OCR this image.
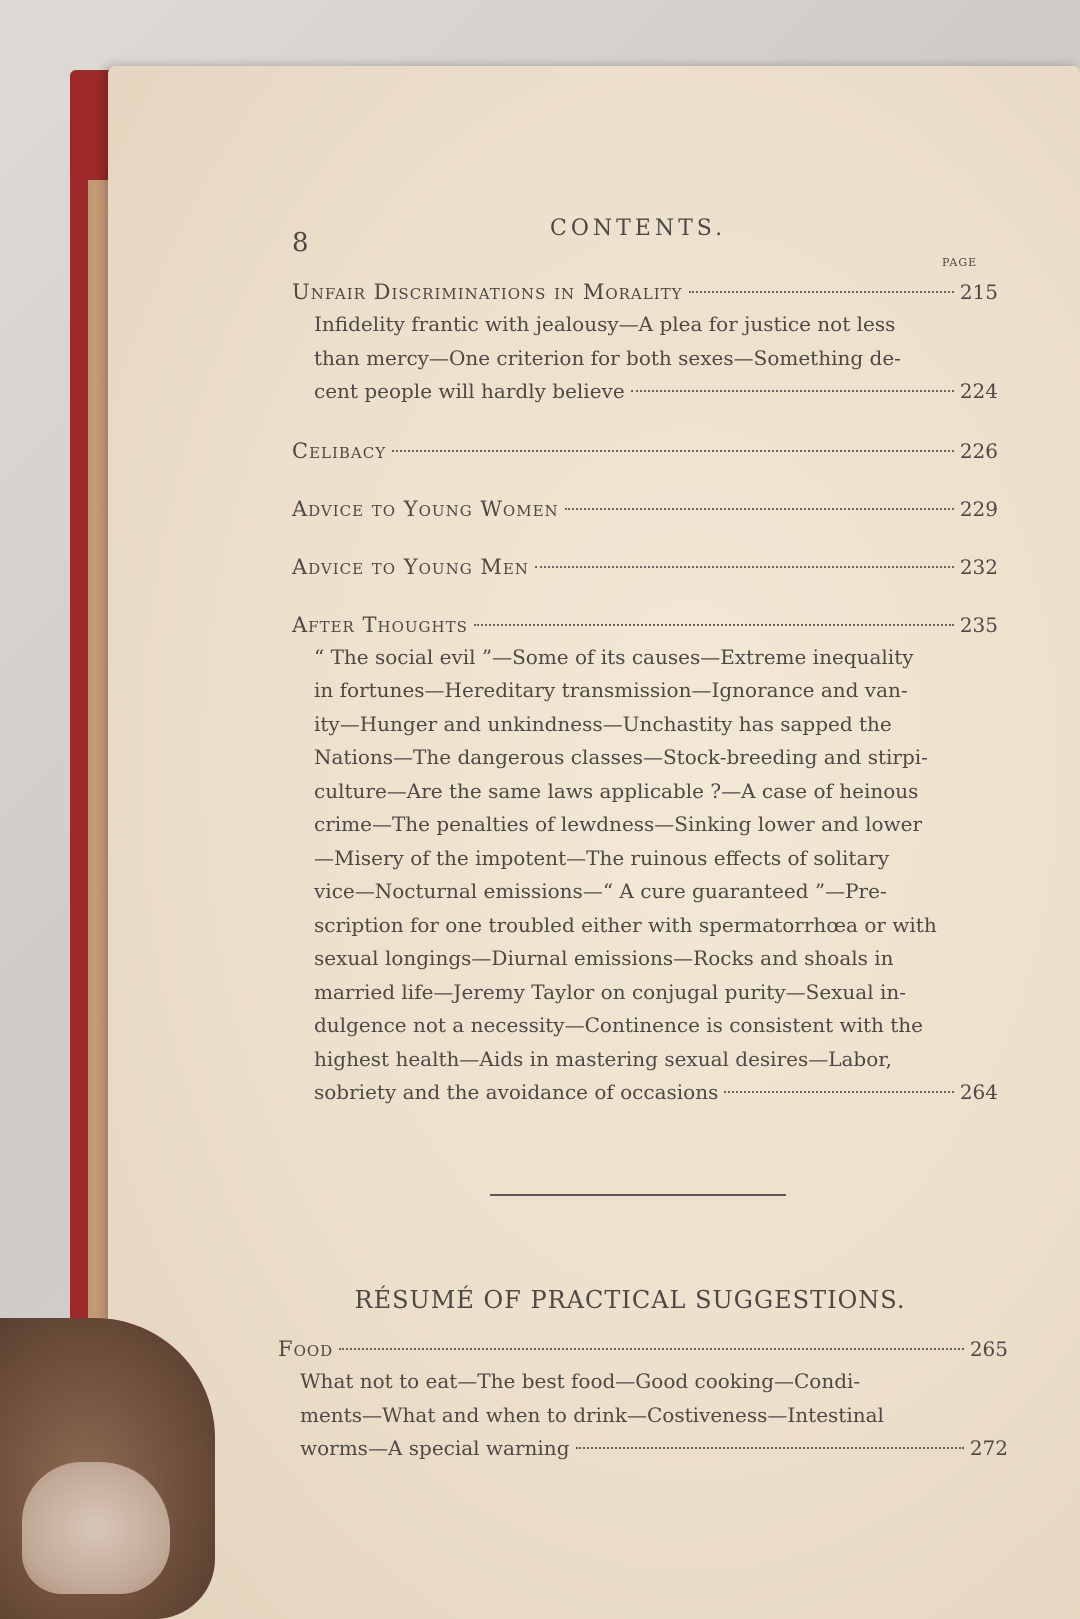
8	CONTENTS.
PAGE
Unfair Discriminations in Morality	215
Infidelity frantic with jealousy—A plea for justice not less
than mercy—One criterion for both sexes—Something de-
cent people will hardly believe	224
Celibacy	226
Advice to Young Women	229
Advice to Young Men	232
After Thoughts	235
“ The social evil ”—Some of its causes—Extreme inequality
in fortunes—Hereditary transmission—Ignorance and van-
ity—Hunger and unkindness—Unchastity has sapped the
Nations—The dangerous classes—Stock-breeding and stirpi-
culture—Are the same laws applicable ?—A case of heinous
crime—The penalties of lewdness—Sinking lower and lower
—Misery of the impotent—The ruinous effects of solitary
vice—Nocturnal emissions—“ A cure guaranteed ”—Pre-
scription for one troubled either with spermatorrhœa or with
sexual longings—Diurnal emissions—Rocks and shoals in
married life—Jeremy Taylor on conjugal purity—Sexual in-
dulgence not a necessity—Continence is consistent with the
highest health—Aids in mastering sexual desires—Labor,
sobriety and the avoidance of occasions	264
RÉSUMÉ OF PRACTICAL SUGGESTIONS.
Food	265
What not to eat—The best food—Good cooking—Condi-
ments—What and when to drink—Costiveness—Intestinal
worms—A special warning	272
